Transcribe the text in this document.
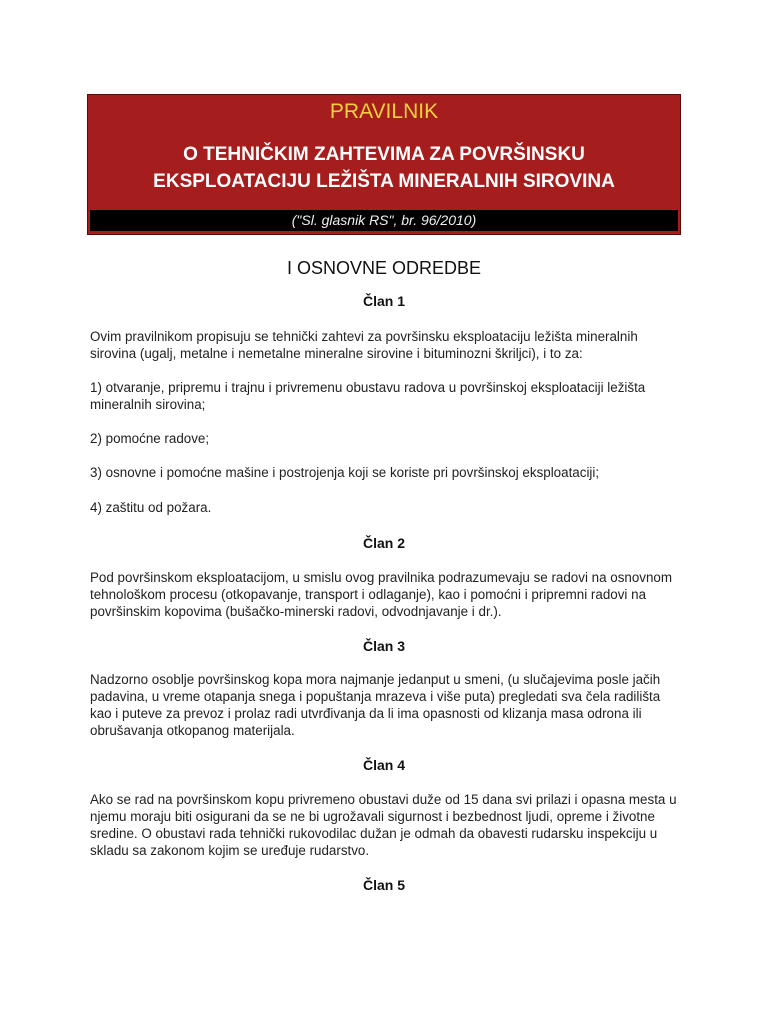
PRAVILNIK
O TEHNIČKIM ZAHTEVIMA ZA POVRŠINSKU
EKSPLOATACIJU LEŽIŠTA MINERALNIH SIROVINA
("Sl. glasnik RS", br. 96/2010)
I OSNOVNE ODREDBE
Član 1

Ovim pravilnikom propisuju se tehnički zahtevi za površinsku eksploataciju ležišta mineralnih sirovina (ugalj, metalne i nemetalne mineralne sirovine i bituminozni škriljci), i to za:

1) otvaranje, pripremu i trajnu i privremenu obustavu radova u površinskoj eksploataciji ležišta mineralnih sirovina;

2) pomoćne radove;

3) osnovne i pomoćne mašine i postrojenja koji se koriste pri površinskoj eksploataciji;

4) zaštitu od požara.

Član 2

Pod površinskom eksploatacijom, u smislu ovog pravilnika podrazumevaju se radovi na osnovnom tehnološkom procesu (otkopavanje, transport i odlaganje), kao i pomoćni i pripremni radovi na površinskim kopovima (bušačko-minerski radovi, odvodnjavanje i dr.).

Član 3

Nadzorno osoblje površinskog kopa mora najmanje jedanput u smeni, (u slučajevima posle jačih padavina, u vreme otapanja snega i popuštanja mrazeva i više puta) pregledati sva čela radilišta kao i puteve za prevoz i prolaz radi utvrđivanja da li ima opasnosti od klizanja masa odrona ili obrušavanja otkopanog materijala.

Član 4

Ako se rad na površinskom kopu privremeno obustavi duže od 15 dana svi prilazi i opasna mesta u njemu moraju biti osigurani da se ne bi ugrožavali sigurnost i bezbednost ljudi, opreme i životne sredine. O obustavi rada tehnički rukovodilac dužan je odmah da obavesti rudarsku inspekciju u skladu sa zakonom kojim se uređuje rudarstvo.

Član 5
